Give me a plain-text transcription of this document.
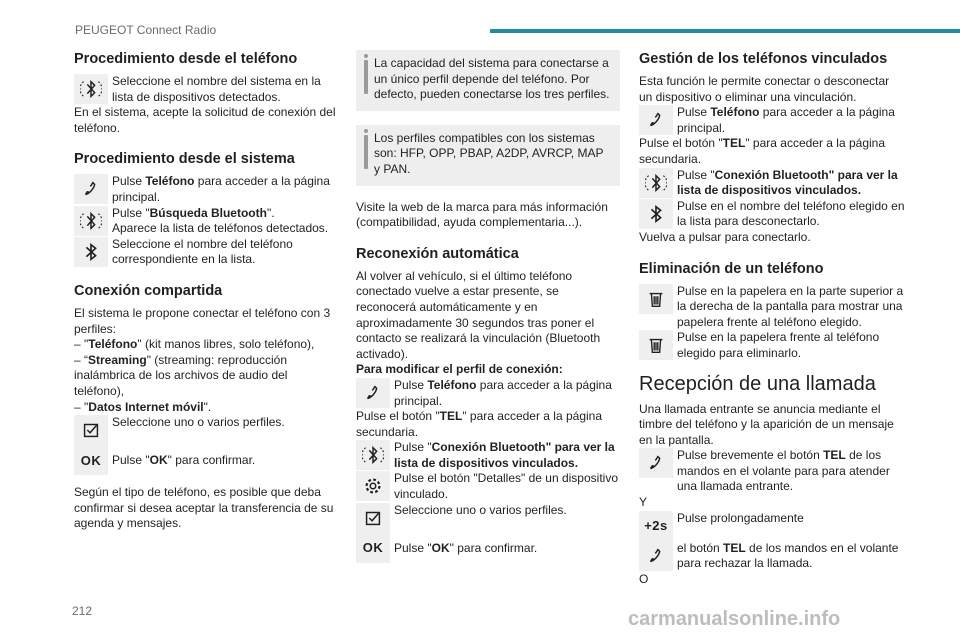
PEUGEOT Connect Radio
Procedimiento desde el teléfono

Seleccione el nombre del sistema en la lista de dispositivos detectados.

En el sistema, acepte la solicitud de conexión del teléfono.

Procedimiento desde el sistema

Pulse Teléfono para acceder a la página principal.

Pulse "Búsqueda Bluetooth".
Aparece la lista de teléfonos detectados.

Seleccione el nombre del teléfono correspondiente en la lista.

Conexión compartida

El sistema le propone conectar el teléfono con 3 perfiles:

– "Teléfono" (kit manos libres, solo teléfono),

– “Streaming" (streaming: reproducción inalámbrica de los archivos de audio del teléfono),

– "Datos Internet móvil".

Seleccione uno o varios perfiles.

OK Pulse "OK" para confirmar.

Según el tipo de teléfono, es posible que deba confirmar si desea aceptar la transferencia de su agenda y mensajes.

La capacidad del sistema para conectarse a un único perfil depende del teléfono. Por defecto, pueden conectarse los tres perfiles.

Los perfiles compatibles con los sistemas son: HFP, OPP, PBAP, A2DP, AVRCP, MAP y PAN.

Visite la web de la marca para más información (compatibilidad, ayuda complementaria...).

Reconexión automática

Al volver al vehículo, si el último teléfono conectado vuelve a estar presente, se reconocerá automáticamente y en aproximadamente 30 segundos tras poner el contacto se realizará la vinculación (Bluetooth activado).

Para modificar el perfil de conexión:

Pulse Teléfono para acceder a la página principal.

Pulse el botón "TEL" para acceder a la página secundaria.

Pulse "Conexión Bluetooth" para ver la lista de dispositivos vinculados.

Pulse el botón "Detalles" de un dispositivo vinculado.

Seleccione uno o varios perfiles.

OK Pulse "OK" para confirmar.

Gestión de los teléfonos vinculados

Esta función le permite conectar o desconectar un dispositivo o eliminar una vinculación.

Pulse Teléfono para acceder a la página principal.

Pulse el botón "TEL" para acceder a la página secundaria.

Pulse "Conexión Bluetooth" para ver la lista de dispositivos vinculados.

Pulse en el nombre del teléfono elegido en la lista para desconectarlo.

Vuelva a pulsar para conectarlo.

Eliminación de un teléfono

Pulse en la papelera en la parte superior a la derecha de la pantalla para mostrar una papelera frente al teléfono elegido.

Pulse en la papelera frente al teléfono elegido para eliminarlo.

Recepción de una llamada

Una llamada entrante se anuncia mediante el timbre del teléfono y la aparición de un mensaje en la pantalla.

Pulse brevemente el botón TEL de los mandos en el volante para para atender una llamada entrante.

Y

+2s

Pulse prolongadamente

el botón TEL de los mandos en el volante para rechazar la llamada.

O

212	carmanualsonline.info
